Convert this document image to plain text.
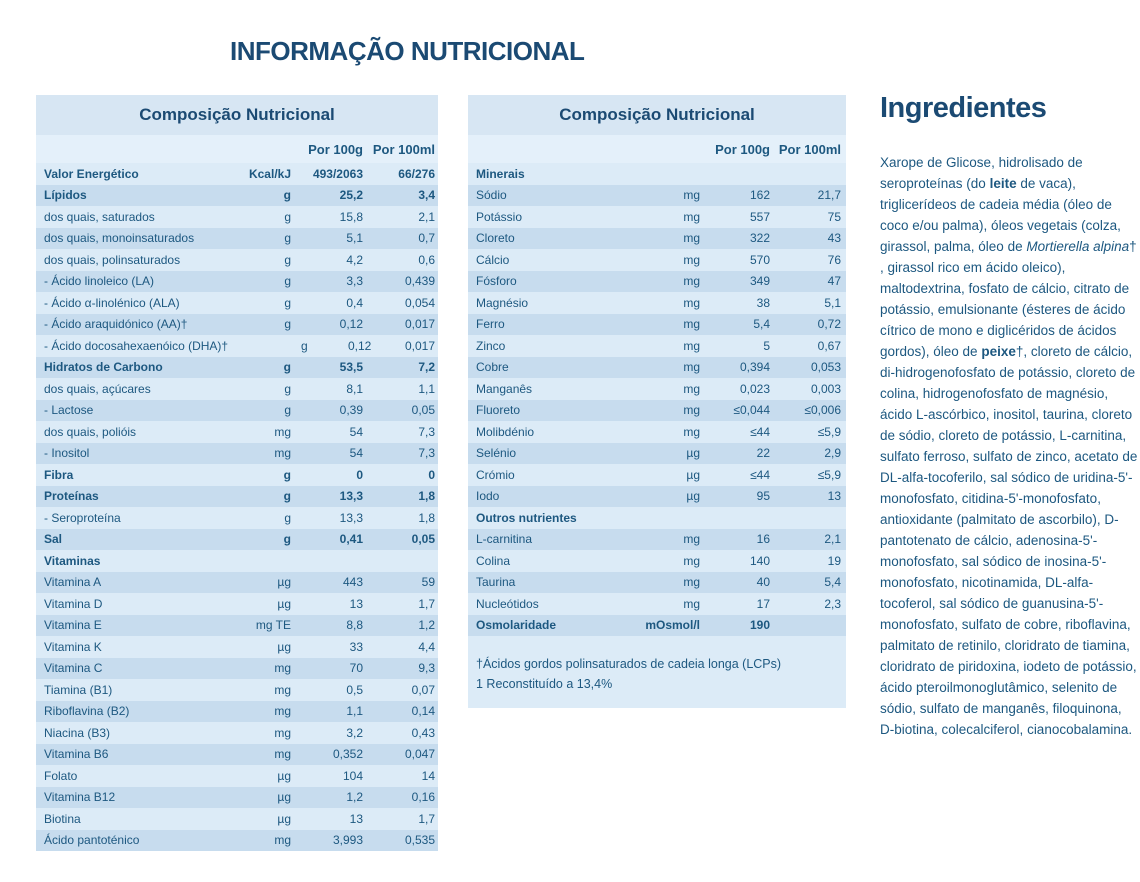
INFORMAÇÃO NUTRICIONAL
Composição Nutricional
Por 100g Por 100ml
Valor Energético	Kcal/kJ	493/2063	66/276
Lípidos	g	25,2	3,4
dos quais, saturados	g	15,8	2,1
dos quais, monoinsaturados	g	5,1	0,7
dos quais, polinsaturados	g	4,2	0,6
- Ácido linoleico (LA)	g	3,3	0,439
- Ácido α-linolénico (ALA)	g	0,4	0,054
- Ácido araquidónico (AA)†	g	0,12	0,017
- Ácido docosahexaenóico (DHA)†	g	0,12	0,017
Hidratos de Carbono	g	53,5	7,2
dos quais, açúcares	g	8,1	1,1
- Lactose	g	0,39	0,05
dos quais, polióis	mg	54	7,3
- Inositol	mg	54	7,3
Fibra	g	0	0
Proteínas	g	13,3	1,8
- Seroproteína	g	13,3	1,8
Sal	g	0,41	0,05
Vitaminas
Vitamina A	µg	443	59
Vitamina D	µg	13	1,7
Vitamina E	mg TE	8,8	1,2
Vitamina K	µg	33	4,4
Vitamina C	mg	70	9,3
Tiamina (B1)	mg	0,5	0,07
Riboflavina (B2)	mg	1,1	0,14
Niacina (B3)	mg	3,2	0,43
Vitamina B6	mg	0,352	0,047
Folato	µg	104	14
Vitamina B12	µg	1,2	0,16
Biotina	µg	13	1,7
Ácido pantoténico	mg	3,993	0,535
Composição Nutricional
Por 100g Por 100ml
Minerais
Sódio	mg	162	21,7
Potássio	mg	557	75
Cloreto	mg	322	43
Cálcio	mg	570	76
Fósforo	mg	349	47
Magnésio	mg	38	5,1
Ferro	mg	5,4	0,72
Zinco	mg	5	0,67
Cobre	mg	0,394	0,053
Manganês	mg	0,023	0,003
Fluoreto	mg	≤0,044	≤0,006
Molibdénio	mg	≤44	≤5,9
Selénio	µg	22	2,9
Crómio	µg	≤44	≤5,9
Iodo	µg	95	13
Outros nutrientes
L-carnitina	mg	16	2,1
Colina	mg	140	19
Taurina	mg	40	5,4
Nucleótidos	mg	17	2,3
Osmolaridade	mOsmol/l	190
†Ácidos gordos polinsaturados de cadeia longa (LCPs)
1 Reconstituído a 13,4%
Ingredientes

Xarope de Glicose, hidrolisado de seroproteínas (do leite de vaca), triglicerídeos de cadeia média (óleo de coco e/ou palma), óleos vegetais (colza, girassol, palma, óleo de Mortierella alpina† , girassol rico em ácido oleico), maltodextrina, fosfato de cálcio, citrato de potássio, emulsionante (ésteres de ácido cítrico de mono e diglicéridos de ácidos gordos), óleo de peixe†, cloreto de cálcio, di-hidrogenofosfato de potássio, cloreto de colina, hidrogenofosfato de magnésio, ácido L-ascórbico, inositol, taurina, cloreto de sódio, cloreto de potássio, L-carnitina, sulfato ferroso, sulfato de zinco, acetato de DL-alfa-tocoferilo, sal sódico de uridina-5'-monofosfato, citidina-5'-monofosfato, antioxidante (palmitato de ascorbilo), D-pantotenato de cálcio, adenosina-5'-monofosfato, sal sódico de inosina-5'-monofosfato, nicotinamida, DL-alfa-tocoferol, sal sódico de guanusina-5'-monofosfato, sulfato de cobre, riboflavina, palmitato de retinilo, cloridrato de tiamina, cloridrato de piridoxina, iodeto de potássio, ácido pteroilmonoglutâmico, selenito de sódio, sulfato de manganês, filoquinona, D-biotina, colecalciferol, cianocobalamina.
